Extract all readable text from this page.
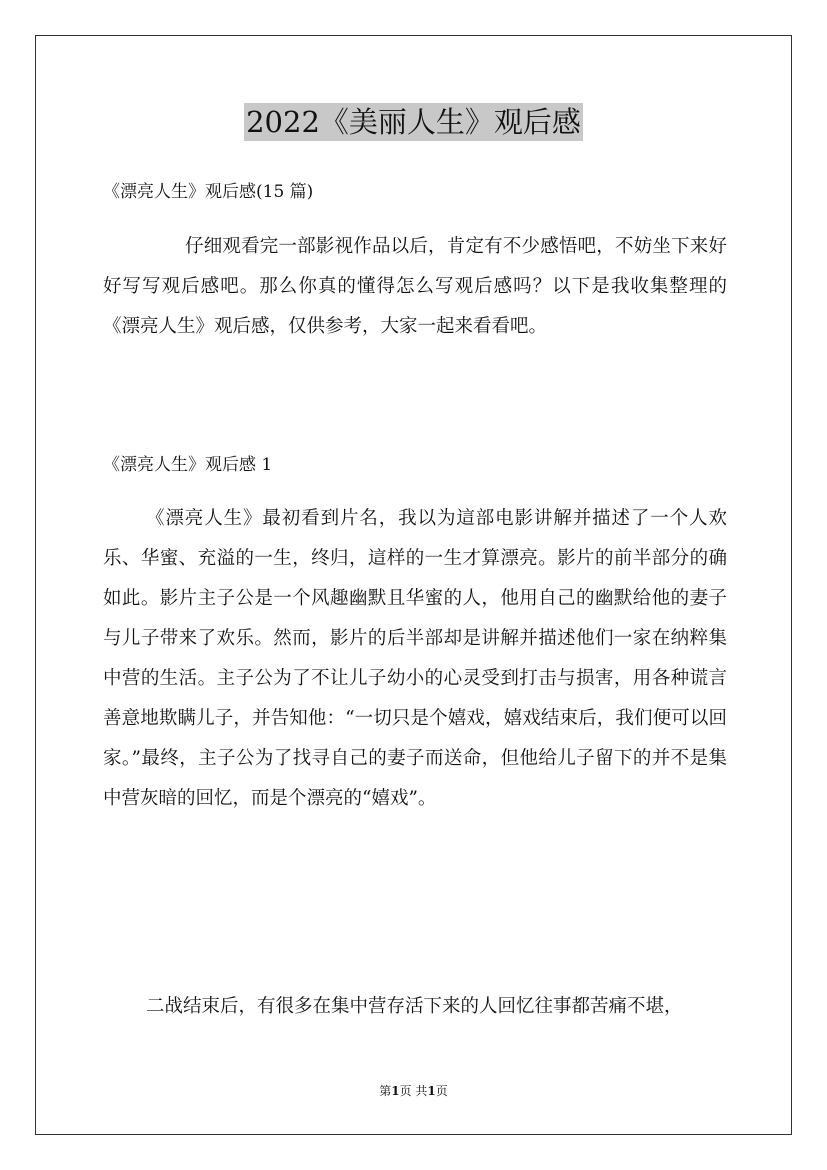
2022《美丽人生》观后感
《漂亮人生》观后感(15 篇)
仔细观看完一部影视作品以后，肯定有不少感悟吧，不妨坐下来好好写写观后感吧。那么你真的懂得怎么写观后感吗？以下是我收集整理的《漂亮人生》观后感，仅供参考，大家一起来看看吧。
《漂亮人生》观后感 1
《漂亮人生》最初看到片名，我以为這部电影讲解并描述了一个人欢乐、华蜜、充溢的一生，终归，這样的一生才算漂亮。影片的前半部分的确如此。影片主子公是一个风趣幽默且华蜜的人，他用自己的幽默给他的妻子与儿子带来了欢乐。然而，影片的后半部却是讲解并描述他们一家在纳粹集中营的生活。主子公为了不让儿子幼小的心灵受到打击与损害，用各种谎言善意地欺瞒儿子，并告知他：“一切只是个嬉戏，嬉戏结束后，我们便可以回家。”最终，主子公为了找寻自己的妻子而送命，但他给儿子留下的并不是集中营灰暗的回忆，而是个漂亮的“嬉戏”。
二战结束后，有很多在集中营存活下来的人回忆往事都苦痛不堪，
第1页 共1页
